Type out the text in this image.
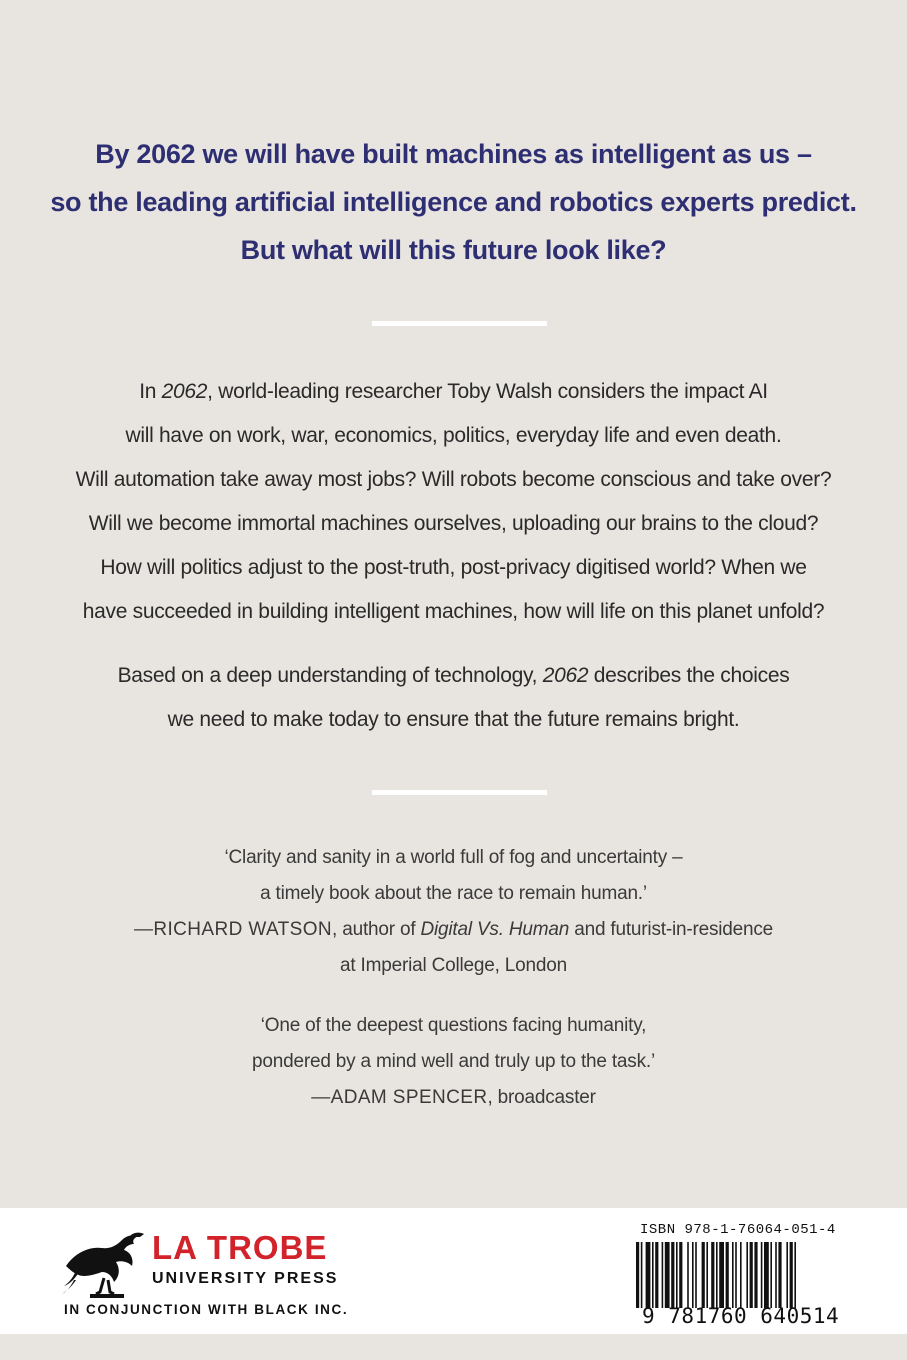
By 2062 we will have built machines as intelligent as us –
so the leading artificial intelligence and robotics experts predict.
But what will this future look like?
In 2062, world-leading researcher Toby Walsh considers the impact AI
will have on work, war, economics, politics, everyday life and even death.
Will automation take away most jobs? Will robots become conscious and take over?
Will we become immortal machines ourselves, uploading our brains to the cloud?
How will politics adjust to the post-truth, post-privacy digitised world? When we
have succeeded in building intelligent machines, how will life on this planet unfold?
Based on a deep understanding of technology, 2062 describes the choices
we need to make today to ensure that the future remains bright.
‘Clarity and sanity in a world full of fog and uncertainty –
a timely book about the race to remain human.’
—RICHARD WATSON, author of Digital Vs. Human and futurist-in-residence
at Imperial College, London
‘One of the deepest questions facing humanity,
pondered by a mind well and truly up to the task.’
—ADAM SPENCER, broadcaster
LA TROBE
UNIVERSITY PRESS
IN CONJUNCTION WITH BLACK INC.
ISBN 978-1-76064-051-4
9 781760 640514
